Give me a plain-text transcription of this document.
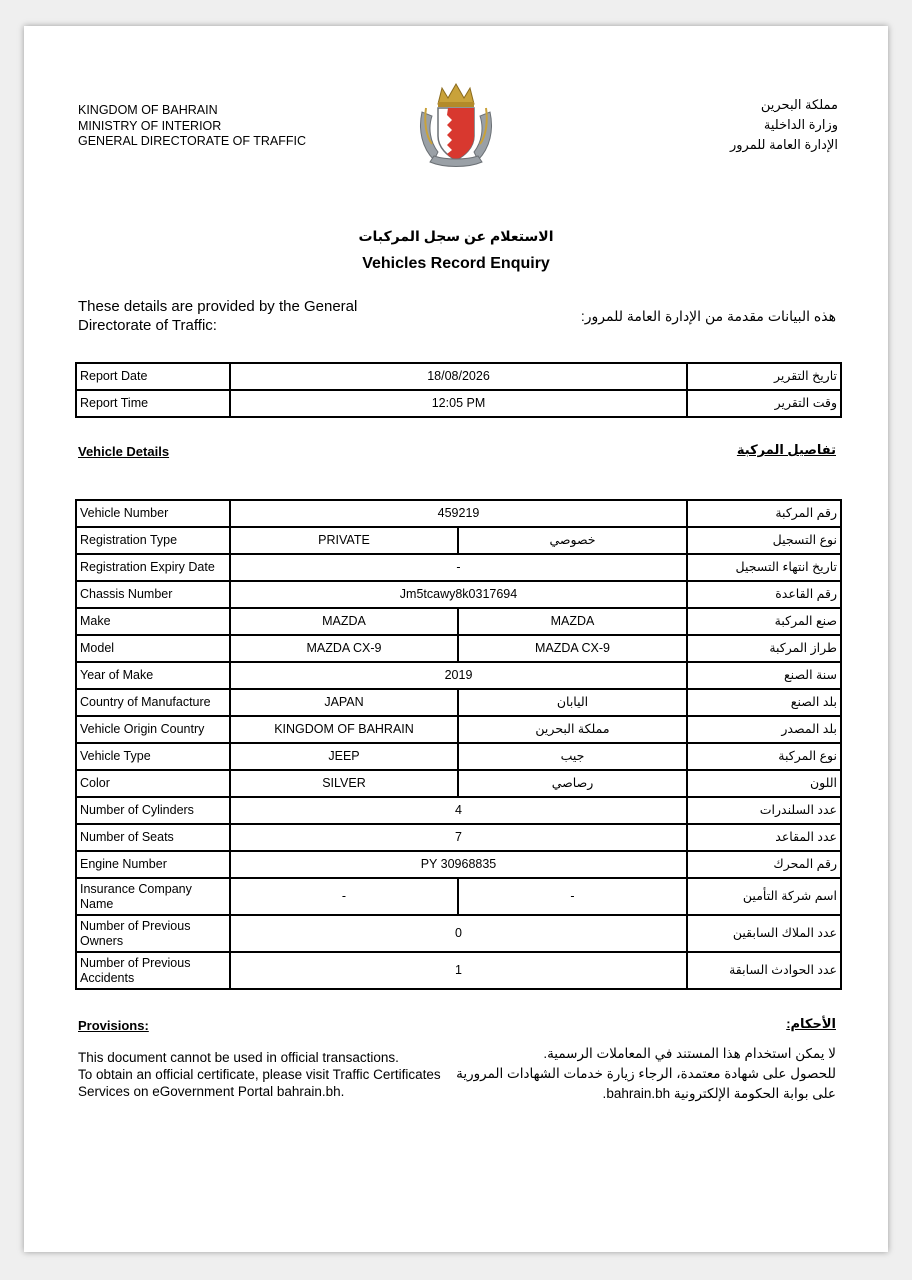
KINGDOM OF BAHRAIN
MINISTRY OF INTERIOR
GENERAL DIRECTORATE OF TRAFFIC
مملكة البحرين
وزارة الداخلية
الإدارة العامة للمرور
الاستعلام عن سجل المركبات
Vehicles Record Enquiry
These details are provided by the General Directorate of Traffic:
هذه البيانات مقدمة من الإدارة العامة للمرور:
Report Date	18/08/2026	تاريخ التقرير
Report Time	12:05 PM	وقت التقرير
Vehicle Details	تفاصيل المركبة
Vehicle Number	459219		رقم المركبة
Registration Type	PRIVATE	خصوصي	نوع التسجيل
Registration Expiry Date	-		تاريخ انتهاء التسجيل
Chassis Number	Jm5tcawy8k0317694		رقم القاعدة
Make	MAZDA	MAZDA	صنع المركبة
Model	MAZDA CX-9	MAZDA CX-9	طراز المركبة
Year of Make	2019		سنة الصنع
Country of Manufacture	JAPAN	اليابان	بلد الصنع
Vehicle Origin Country	KINGDOM OF BAHRAIN	مملكة البحرين	بلد المصدر
Vehicle Type	JEEP	جيب	نوع المركبة
Color	SILVER	رصاصي	اللون
Number of Cylinders	4		عدد السلندرات
Number of Seats	7		عدد المقاعد
Engine Number	PY 30968835		رقم المحرك
Insurance Company Name	-	-	اسم شركة التأمين
Number of Previous Owners	0		عدد الملاك السابقين
Number of Previous Accidents	1		عدد الحوادث السابقة
Provisions:	الأحكام:
This document cannot be used in official transactions.
To obtain an official certificate, please visit Traffic Certificates Services on eGovernment Portal bahrain.bh.
لا يمكن استخدام هذا المستند في المعاملات الرسمية.
للحصول على شهادة معتمدة، الرجاء زيارة خدمات الشهادات المرورية على بوابة الحكومة الإلكترونية bahrain.bh.
